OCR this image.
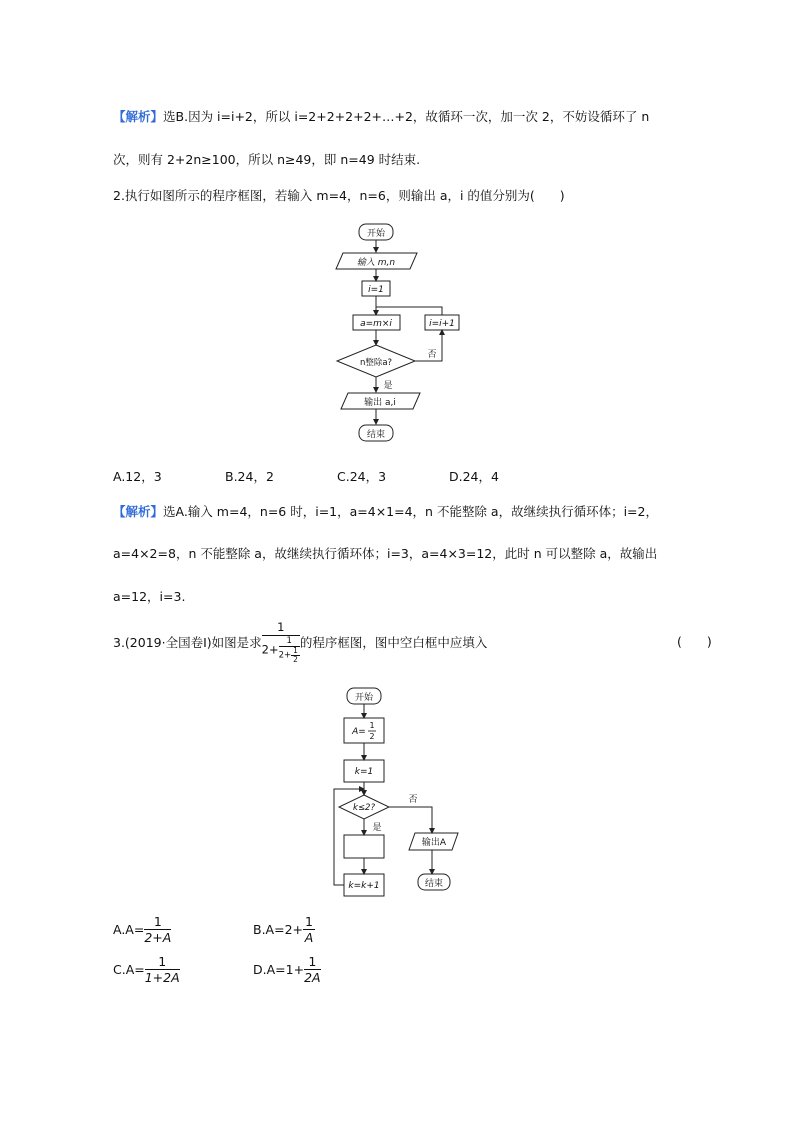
【解析】选B.因为 i=i+2，所以 i=2+2+2+2+…+2，故循环一次，加一次 2，不妨设循环了 n
次，则有 2+2n≥100，所以 n≥49，即 n=49 时结束.
2.执行如图所示的程序框图，若输入 m=4，n=6，则输出 a，i 的值分别为(　　)
开始
输入 m,n
i=1
a=m×i	i=i+1
n整除a?
否
是
输出 a,i
结束
A.12，3	B.24，2	C.24，3	D.24，4
【解析】选A.输入 m=4，n=6 时，i=1，a=4×1=4，n 不能整除 a，故继续执行循环体；i=2，
a=4×2=8，n 不能整除 a，故继续执行循环体；i=3，a=4×3=12，此时 n 可以整除 a，故输出
a=12，i=3.
3.(2019·全国卷Ⅰ)如图是求
1
$2+ \frac{1}{2+ \frac{1}{2}}$ 的程序框图，图中空白框中应填入	(　　)
开始
A=
1
2
k=1
k≤2?
否
是
k=k+1
输出A
结束
$A.A= \frac{1}{2+A}$	$B.A=2+ \frac{1}{A}$
$C.A= \frac{1}{1+2A}$	$D.A=1+ \frac{1}{2A}$
